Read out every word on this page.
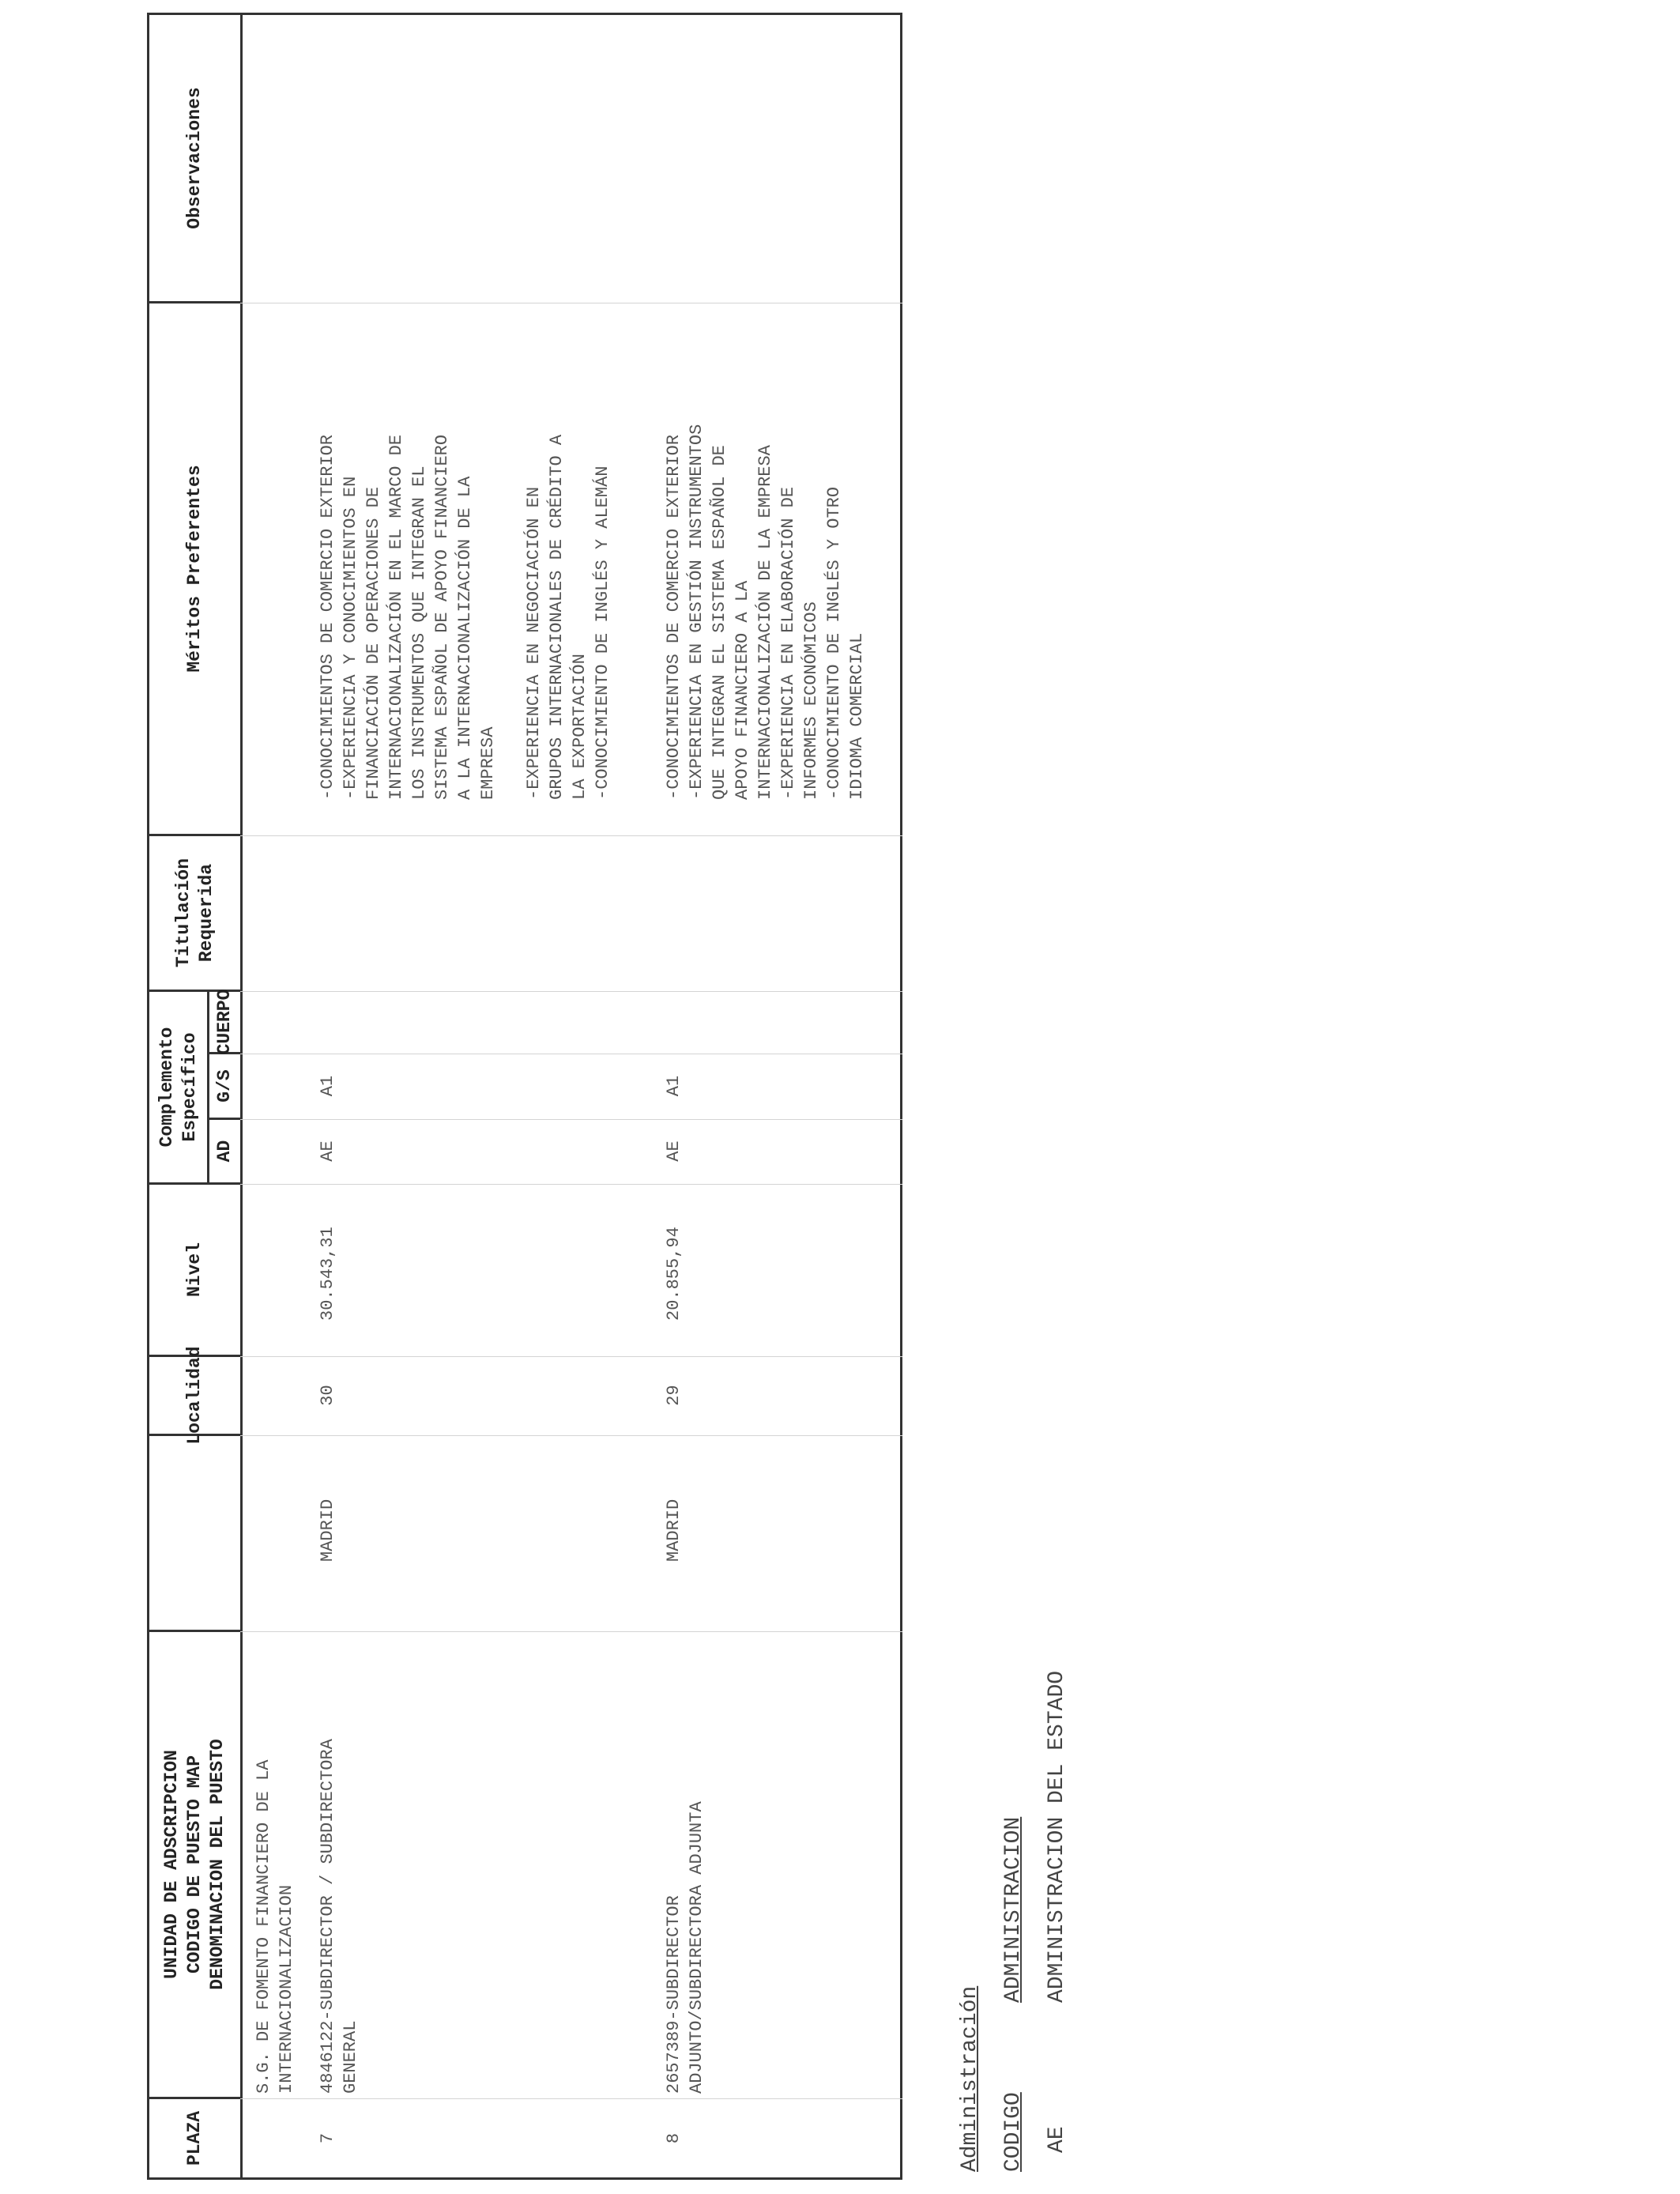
PLAZA
UNIDAD DE ADSCRIPCION
CODIGO DE PUESTO MAP
DENOMINACION DEL PUESTO
Localidad
Nivel
Complemento
Específico
AD
G/S
CUERPO
Titulación
Requerida
Méritos Preferentes
Observaciones
S.G. DE FOMENTO FINANCIERO DE LA
INTERNACIONALIZACION
7
4846122-SUBDIRECTOR / SUBDIRECTORA
GENERAL
MADRID
30
30.543,31
AE
A1
-CONOCIMIENTOS DE COMERCIO EXTERIOR
-EXPERIENCIA Y CONOCIMIENTOS EN
FINANCIACIÓN DE OPERACIONES DE
INTERNACIONALIZACIÓN EN EL MARCO DE
LOS INSTRUMENTOS QUE INTEGRAN EL
SISTEMA ESPAÑOL DE APOYO FINANCIERO
A LA INTERNACIONALIZACIÓN DE LA
EMPRESA

-EXPERIENCIA EN NEGOCIACIÓN EN
GRUPOS INTERNACIONALES DE CRÉDITO A
LA EXPORTACIÓN
-CONOCIMIENTO DE INGLÉS Y ALEMÁN
8
2657389-SUBDIRECTOR
ADJUNTO/SUBDIRECTORA ADJUNTA
MADRID
29
20.855,94
AE
A1
-CONOCIMIENTOS DE COMERCIO EXTERIOR
-EXPERIENCIA EN GESTIÓN INSTRUMENTOS
QUE INTEGRAN EL SISTEMA ESPAÑOL DE
APOYO FINANCIERO A LA
INTERNACIONALIZACIÓN DE LA EMPRESA
-EXPERIENCIA EN ELABORACIÓN DE
INFORMES ECONÓMICOS
-CONOCIMIENTO DE INGLÉS Y OTRO
IDIOMA COMERCIAL
Administración CODIGO
ADMINISTRACION
AE
ADMINISTRACION DEL ESTADO
